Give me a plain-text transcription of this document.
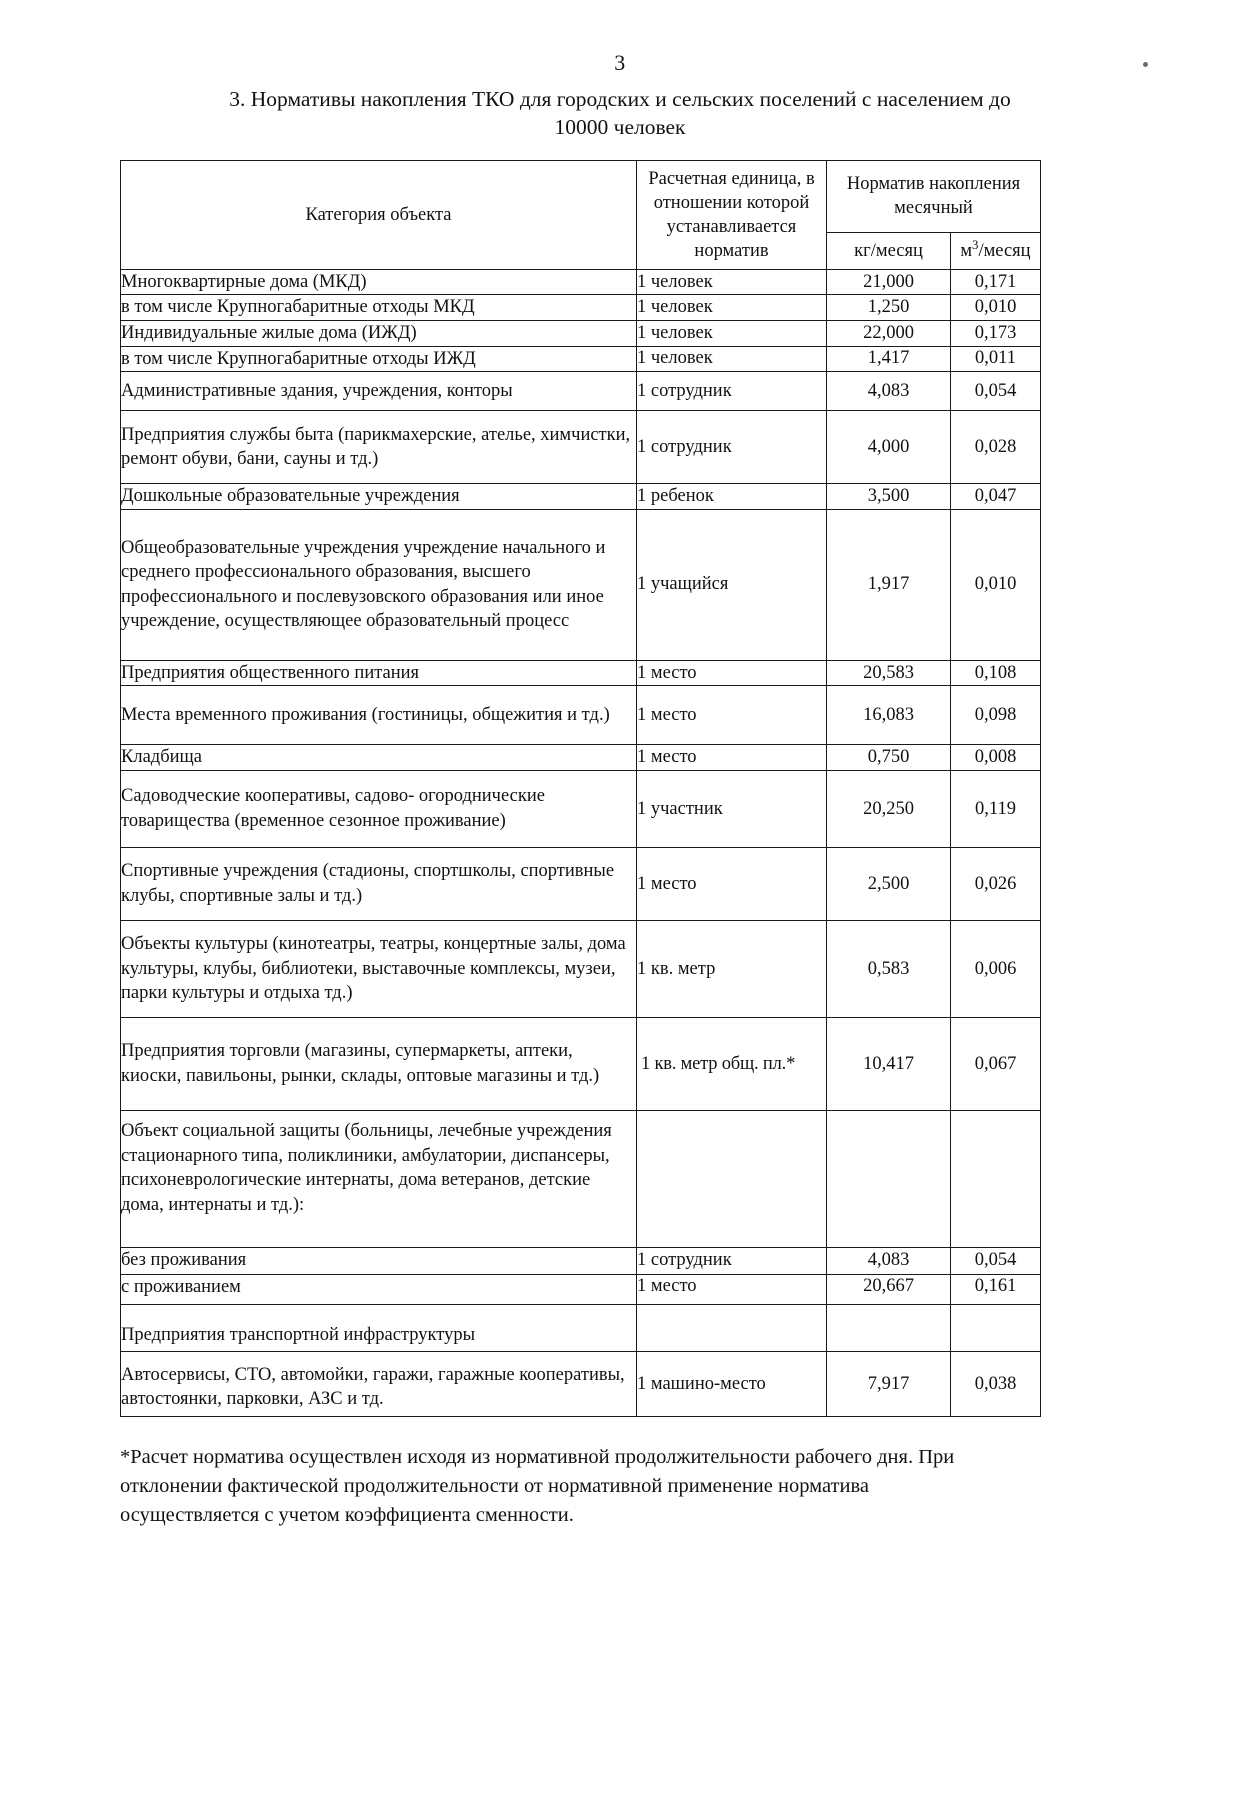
3
3. Нормативы накопления ТКО для городских и сельских поселений с населением до 10000 человек
Категория объекта	Расчетная единица, в отношении которой устанавливается норматив	Норматив накопления месячный	
		кг/месяц	$м^3$/месяц
Многоквартирные дома (МКД)	1 человек	21,000	0,171
в том числе Крупногабаритные отходы МКД	1 человек	1,250	0,010
Индивидуальные жилые дома (ИЖД)	1 человек	22,000	0,173
в том числе Крупногабаритные отходы ИЖД	1 человек	1,417	0,011
Административные здания, учреждения, конторы	1 сотрудник	4,083	0,054
Предприятия службы быта (парикмахерские, ателье, химчистки, ремонт обуви, бани, сауны и тд.)	1 сотрудник	4,000	0,028
Дошкольные образовательные учреждения	1 ребенок	3,500	0,047
Общеобразовательные учреждения учреждение начального и среднего профессионального образования, высшего профессионального и послевузовского образования или иное учреждение, осуществляющее образовательный процесс	1 учащийся	1,917	0,010
Предприятия общественного питания	1 место	20,583	0,108
Места временного проживания (гостиницы, общежития и тд.)	1 место	16,083	0,098
Кладбища	1 место	0,750	0,008
Садоводческие кооперативы, садово- огороднические товарищества (временное сезонное проживание)	1 участник	20,250	0,119
Спортивные учреждения (стадионы, спортшколы, спортивные клубы, спортивные залы и тд.)	1 место	2,500	0,026
Объекты культуры (кинотеатры, театры, концертные залы, дома культуры, клубы, библиотеки, выставочные комплексы, музеи, парки культуры и отдыха тд.)	1 кв. метр	0,583	0,006
Предприятия торговли (магазины, супермаркеты, аптеки, киоски, павильоны, рынки, склады, оптовые магазины и тд.)	1 кв. метр общ. пл.*	10,417	0,067
Объект социальной защиты (больницы, лечебные учреждения стационарного типа, поликлиники, амбулатории, диспансеры, психоневрологические интернаты, дома ветеранов, детские дома, интернаты и тд.):			
без проживания	1 сотрудник	4,083	0,054
с проживанием	1 место	20,667	0,161
Предприятия транспортной инфраструктуры			
Автосервисы, СТО, автомойки, гаражи, гаражные кооперативы, автостоянки, парковки, АЗС и тд.	1 машино-место	7,917	0,038
*Расчет норматива осуществлен исходя из нормативной продолжительности рабочего дня. При отклонении фактической продолжительности от нормативной применение норматива осуществляется с учетом коэффициента сменности.
